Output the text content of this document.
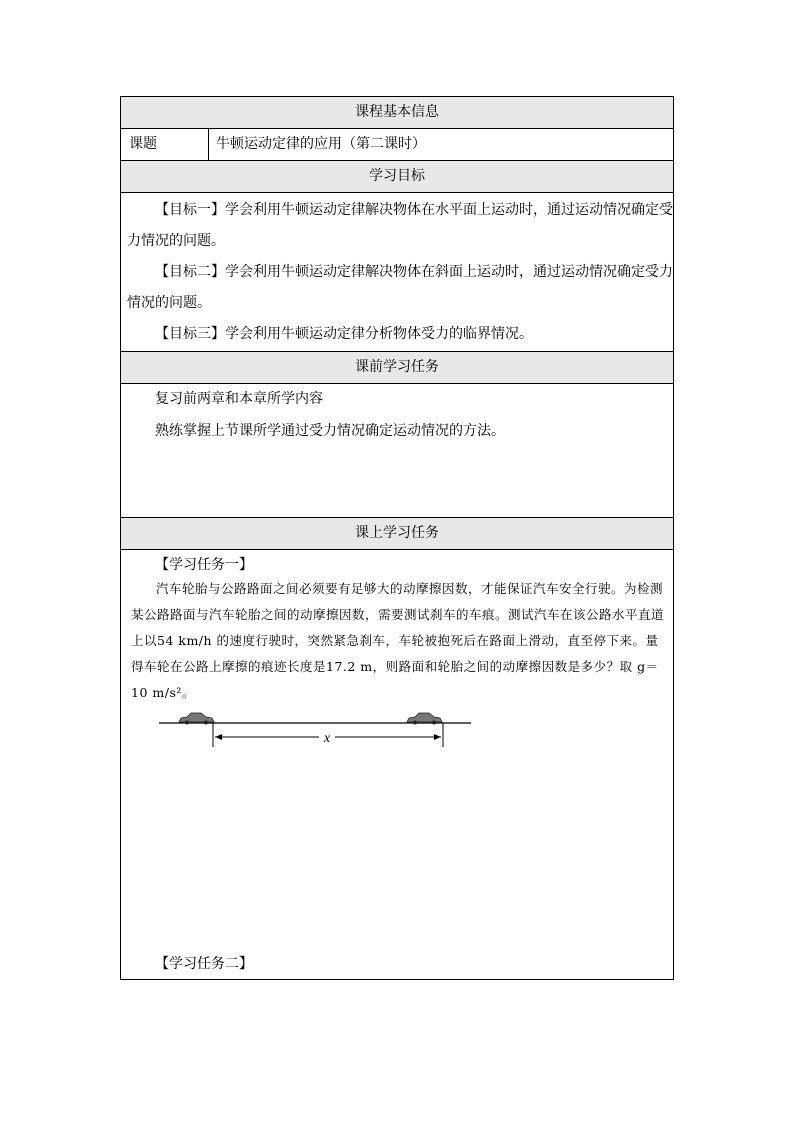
课程基本信息
课题	牛顿运动定律的应用（第二课时）
学习目标
【目标一】学会利用牛顿运动定律解决物体在水平面上运动时，通过运动情况确定受
力情况的问题。
【目标二】学会利用牛顿运动定律解决物体在斜面上运动时，通过运动情况确定受力
情况的问题。
【目标三】学会利用牛顿运动定律分析物体受力的临界情况。
课前学习任务
复习前两章和本章所学内容
熟练掌握上节课所学通过受力情况确定运动情况的方法。
课上学习任务
【学习任务一】
汽车轮胎与公路路面之间必须要有足够大的动摩擦因数，才能保证汽车安全行驶。为检测某公路路面与汽车轮胎之间的动摩擦因数，需要测试刹车的车痕。测试汽车在该公路水平直道上以54 km/h 的速度行驶时，突然紧急刹车，车轮被抱死后在路面上滑动，直至停下来。量得车轮在公路上摩擦的痕迹长度是17.2 m，则路面和轮胎之间的动摩擦因数是多少？取 g＝10 m/s²。
x
【学习任务二】
